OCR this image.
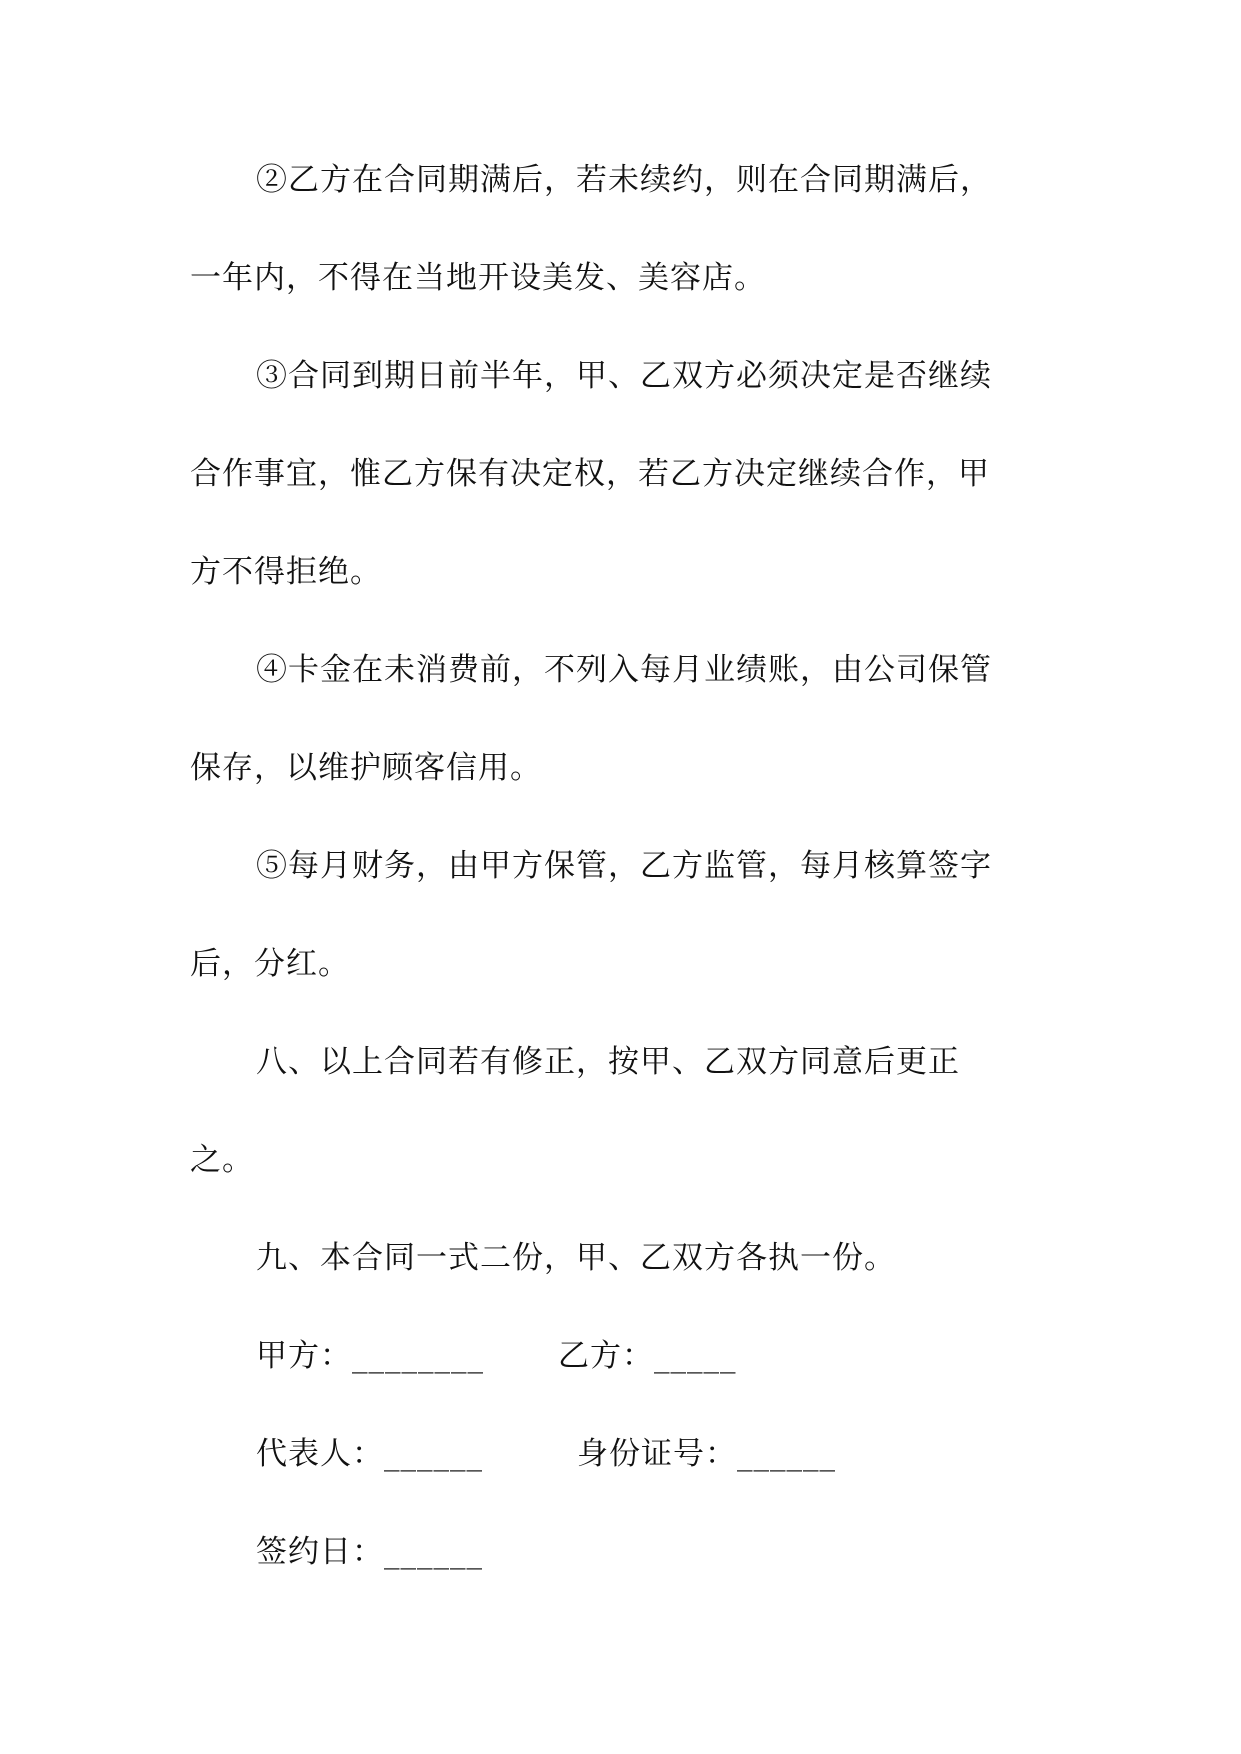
②乙方在合同期满后，若未续约，则在合同期满后，
一年内，不得在当地开设美发、美容店。
③合同到期日前半年，甲、乙双方必须决定是否继续
合作事宜，惟乙方保有决定权，若乙方决定继续合作，甲
方不得拒绝。
④卡金在未消费前，不列入每月业绩账，由公司保管
保存，以维护顾客信用。
⑤每月财务，由甲方保管，乙方监管，每月核算签字
后，分红。
八、以上合同若有修正，按甲、乙双方同意后更正
之。
九、本合同一式二份，甲、乙双方各执一份。
甲方：________ 乙方：_____
代表人：______	身份证号：______
签约日：______
